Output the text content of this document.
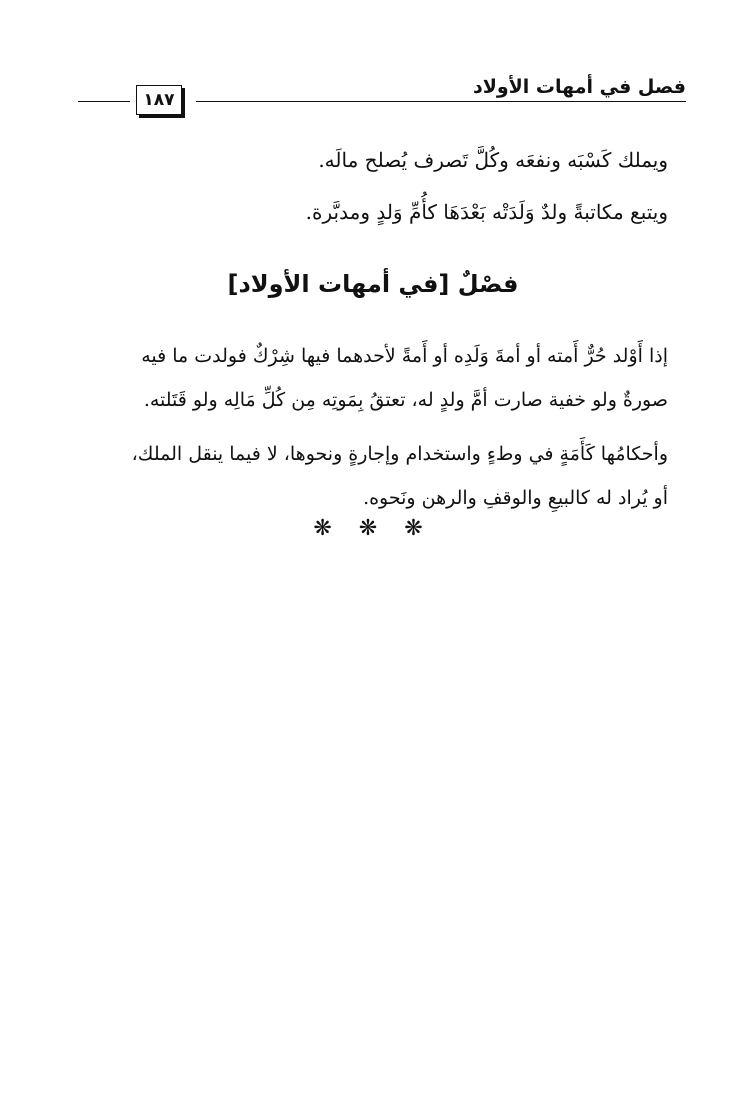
فصل في أمهات الأولاد
١٨٧
ويملك كَسْبَه ونفعَه وكُلَّ تَصرف يُصلح مالَه.
ويتبع مكاتبةً ولدٌ وَلَدَتْه بَعْدَهَا كأُمِّ وَلدٍ ومدبَّرة.
فصْلٌ [في أمهات الأولاد]
إذا أَوْلد حُرٌّ أَمته أو أمةَ وَلَدِه أو أَمةً لأحدهما فيها شِرْكٌ فولدت ما فيه
صورةٌ ولو خفية صارت أمَّ ولدٍ له، تعتقُ بِمَوتِه مِن كُلِّ مَالِه ولو قَتَلته.
وأحكامُها كَأَمَةٍ في وطءٍ واستخدام وإجارةٍ ونحوها، لا فيما ينقل الملك،
أو يُراد له كالبيعِ والوقفِ والرهن ونَحوه.
❋ ❋ ❋
